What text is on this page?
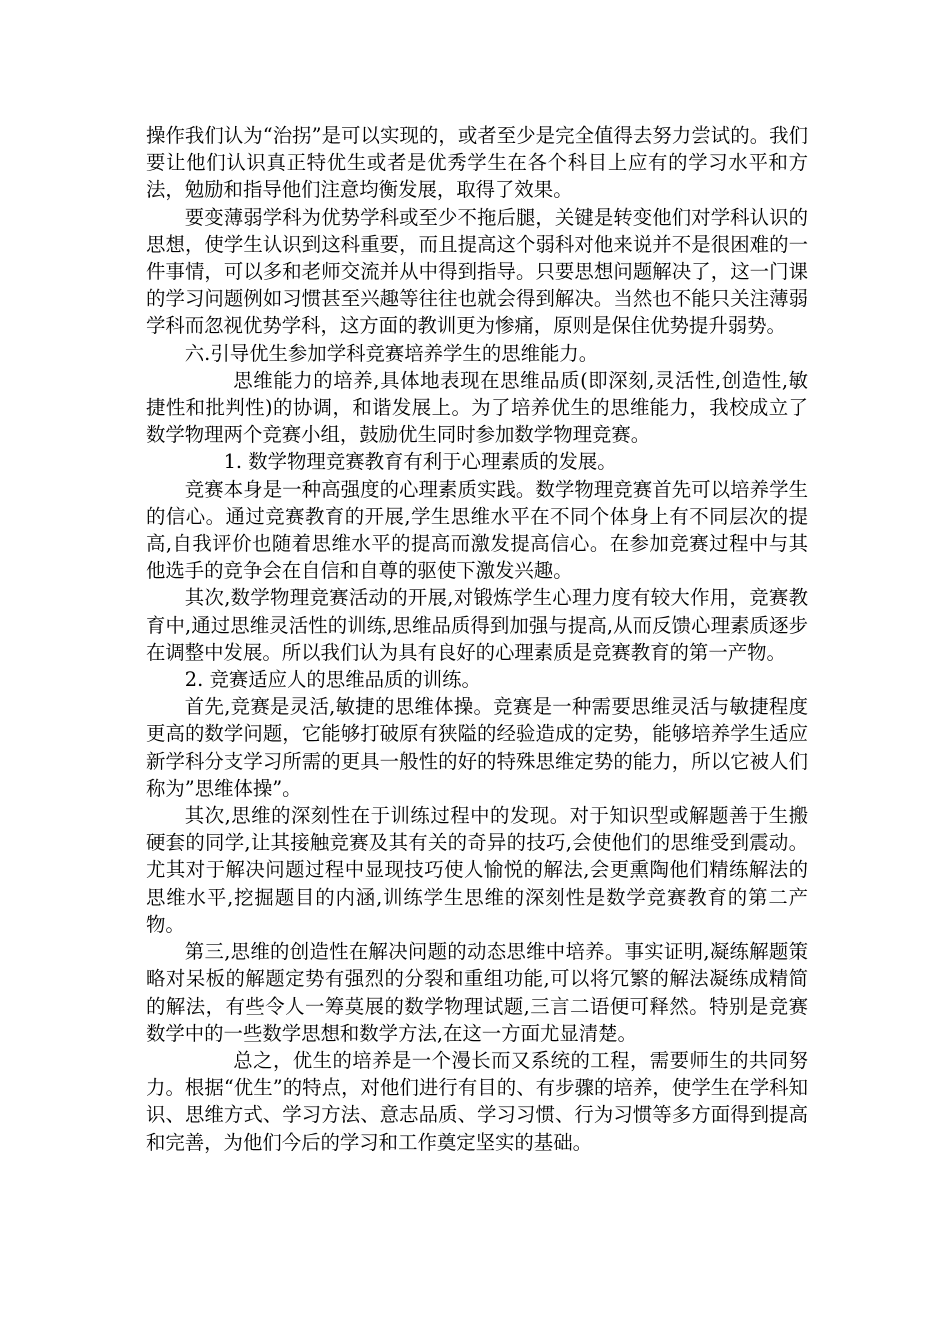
操作我们认为“治拐”是可以实现的，或者至少是完全值得去努力尝试的。我们要让他们认识真正特优生或者是优秀学生在各个科目上应有的学习水平和方法，勉励和指导他们注意均衡发展，取得了效果。

要变薄弱学科为优势学科或至少不拖后腿，关键是转变他们对学科认识的思想，使学生认识到这科重要，而且提高这个弱科对他来说并不是很困难的一件事情，可以多和老师交流并从中得到指导。只要思想问题解决了，这一门课的学习问题例如习惯甚至兴趣等往往也就会得到解决。当然也不能只关注薄弱学科而忽视优势学科，这方面的教训更为惨痛，原则是保住优势提升弱势。

六.引导优生参加学科竞赛培养学生的思维能力。

思维能力的培养,具体地表现在思维品质(即深刻,灵活性,创造性,敏捷性和批判性)的协调，和谐发展上。为了培养优生的思维能力，我校成立了数学物理两个竞赛小组，鼓励优生同时参加数学物理竞赛。

1. 数学物理竞赛教育有利于心理素质的发展。

竞赛本身是一种高强度的心理素质实践。数学物理竞赛首先可以培养学生的信心。通过竞赛教育的开展,学生思维水平在不同个体身上有不同层次的提高,自我评价也随着思维水平的提高而激发提高信心。在参加竞赛过程中与其他选手的竞争会在自信和自尊的驱使下激发兴趣。

其次,数学物理竞赛活动的开展,对锻炼学生心理力度有较大作用，竞赛教育中,通过思维灵活性的训练,思维品质得到加强与提高,从而反馈心理素质逐步在调整中发展。所以我们认为具有良好的心理素质是竞赛教育的第一产物。

2. 竞赛适应人的思维品质的训练。

首先,竞赛是灵活,敏捷的思维体操。竞赛是一种需要思维灵活与敏捷程度更高的数学问题，它能够打破原有狭隘的经验造成的定势，能够培养学生适应新学科分支学习所需的更具一般性的好的特殊思维定势的能力，所以它被人们称为”思维体操”。

其次,思维的深刻性在于训练过程中的发现。对于知识型或解题善于生搬硬套的同学,让其接触竞赛及其有关的奇异的技巧,会使他们的思维受到震动。尤其对于解决问题过程中显现技巧使人愉悦的解法,会更熏陶他们精练解法的思维水平,挖掘题目的内涵,训练学生思维的深刻性是数学竞赛教育的第二产物。

第三,思维的创造性在解决问题的动态思维中培养。事实证明,凝练解题策略对呆板的解题定势有强烈的分裂和重组功能,可以将冗繁的解法凝练成精简的解法，有些令人一筹莫展的数学物理试题,三言二语便可释然。特别是竞赛数学中的一些数学思想和数学方法,在这一方面尤显清楚。

总之，优生的培养是一个漫长而又系统的工程，需要师生的共同努力。根据“优生”的特点，对他们进行有目的、有步骤的培养，使学生在学科知识、思维方式、学习方法、意志品质、学习习惯、行为习惯等多方面得到提高和完善，为他们今后的学习和工作奠定坚实的基础。
